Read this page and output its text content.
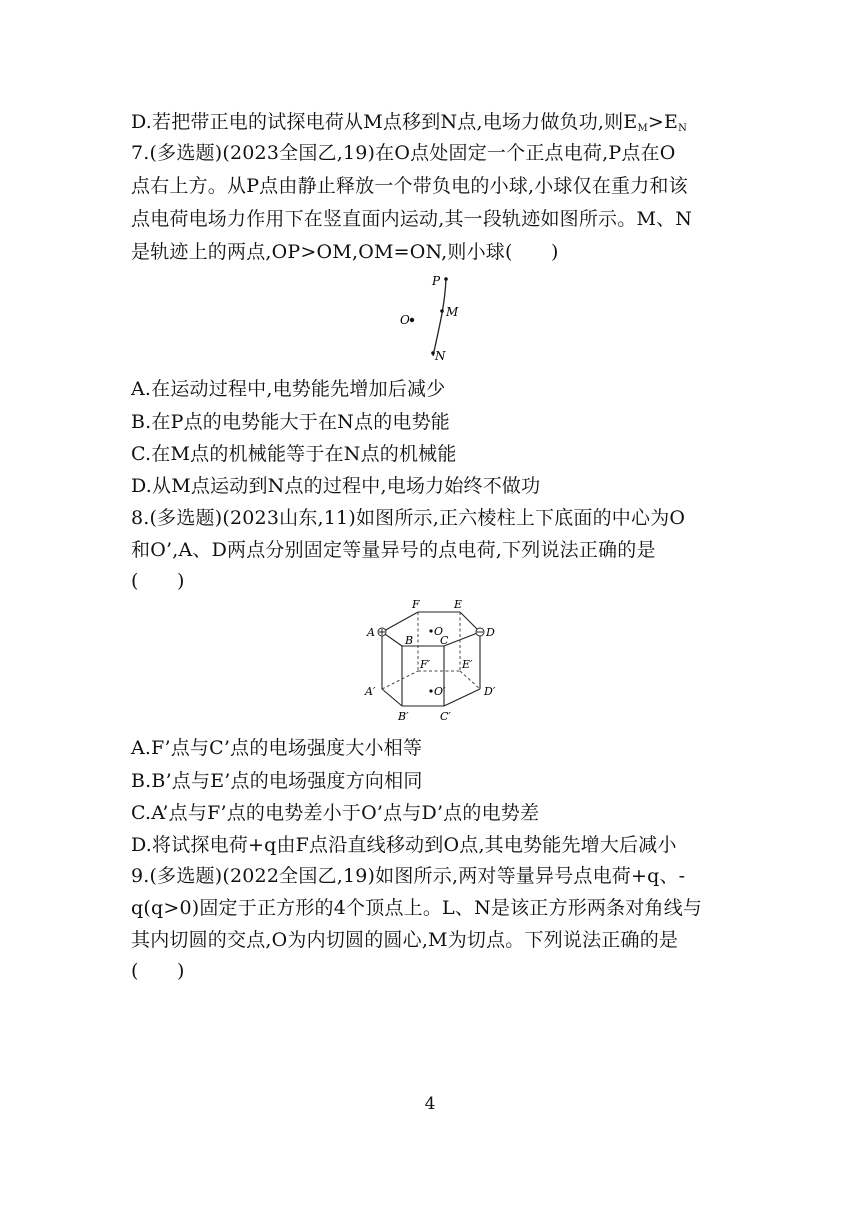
D.若把带正电的试探电荷从M点移到N点,电场力做负功,则$E_M>E_N$
7.(多选题)(2023全国乙,19)在O点处固定一个正点电荷,P点在O
点右上方。从P点由静止释放一个带负电的小球,小球仅在重力和该
点电荷电场力作用下在竖直面内运动,其一段轨迹如图所示。M、N
是轨迹上的两点,OP>OM,OM=ON,则小球(　　)
P
M
O
N
A.在运动过程中,电势能先增加后减少
B.在P点的电势能大于在N点的电势能
C.在M点的机械能等于在N点的机械能
D.从M点运动到N点的过程中,电场力始终不做功
8.(多选题)(2023山东,11)如图所示,正六棱柱上下底面的中心为O
和O’,A、D两点分别固定等量异号的点电荷,下列说法正确的是
(　　)
F	E
A	D
B C
O
F′	E′
A′	O′	D′
B′	C′
A.F’点与C’点的电场强度大小相等
B.B’点与E’点的电场强度方向相同
C.A’点与F’点的电势差小于O’点与D’点的电势差
D.将试探电荷+q由F点沿直线移动到O点,其电势能先增大后减小
9.(多选题)(2022全国乙,19)如图所示,两对等量异号点电荷+q、-
q(q>0)固定于正方形的4个顶点上。L、N是该正方形两条对角线与
其内切圆的交点,O为内切圆的圆心,M为切点。下列说法正确的是
(　　)
4
